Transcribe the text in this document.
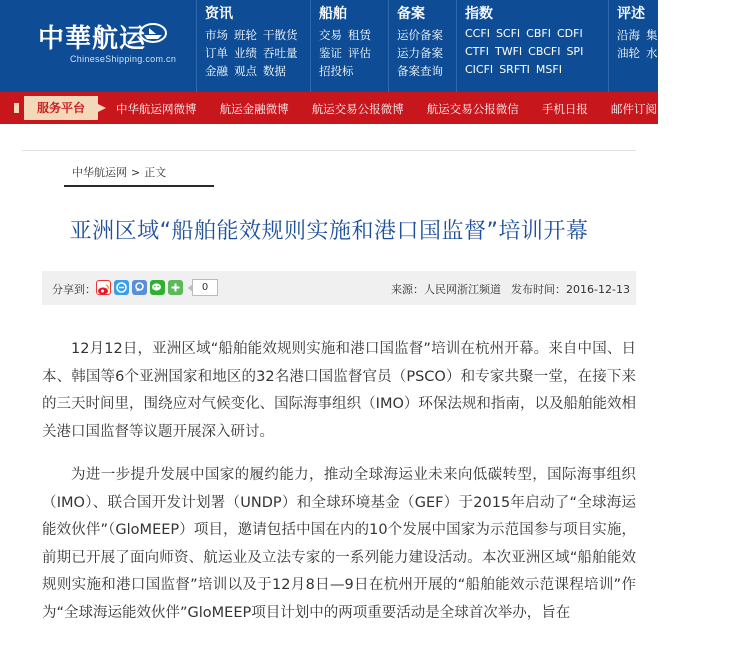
中華航运
ChineseShipping.com.cn
资讯
市场 班轮 干散货
订单 业绩 吞吐量
金融 观点 数据
船舶
交易 租赁
鉴证 评估
招投标
备案
运价备案
运力备案
备案查询
指数
CCFI SCFI CBFI CDFI
CTFI TWFI CBCFI SPI
CICFI SRFTI MSFI
评述
沿海 集
油轮 水
服务平台	中华航运网微博 航运金融微博 航运交易公报微博 航运交易公报微信 手机日报 邮件订阅 航运交
中华航运网 > 正文
亚洲区域“船舶能效规则实施和港口国监督”培训开幕
分享到：	0	来源：人民网浙江频道 发布时间：2016-12-13

12月12日，亚洲区域“船舶能效规则实施和港口国监督”培训在杭州开幕。来自中国、日本、韩国等6个亚洲国家和地区的32名港口国监督官员（PSCO）和专家共聚一堂，在接下来的三天时间里，围绕应对气候变化、国际海事组织（IMO）环保法规和指南，以及船舶能效相关港口国监督等议题开展深入研讨。

为进一步提升发展中国家的履约能力，推动全球海运业未来向低碳转型，国际海事组织（IMO）、联合国开发计划署（UNDP）和全球环境基金（GEF）于2015年启动了“全球海运能效伙伴”（GloMEEP）项目，邀请包括中国在内的10个发展中国家为示范国参与项目实施，前期已开展了面向师资、航运业及立法专家的一系列能力建设活动。本次亚洲区域“船舶能效规则实施和港口国监督”培训以及于12月8日—9日在杭州开展的“船舶能效示范课程培训”作为“全球海运能效伙伴”GloMEEP项目计划中的两项重要活动是全球首次举办，旨在
